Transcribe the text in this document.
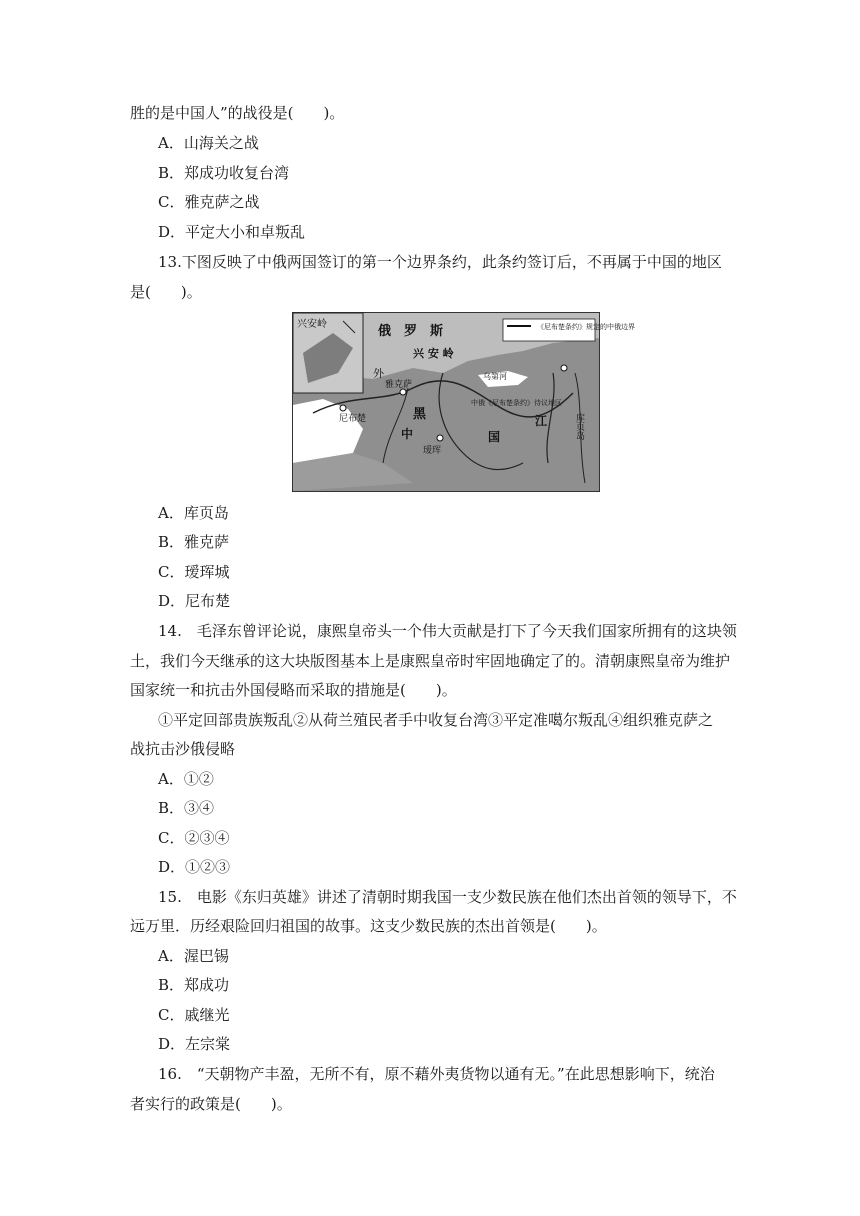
胜的是中国人”的战役是(　　)。
A．山海关之战
B．郑成功收复台湾
C．雅克萨之战
D．平定大小和卓叛乱
13.下图反映了中俄两国签订的第一个边界条约，此条约签订后，不再属于中国的地区
是(　　)。
兴安岭	俄　罗　斯
兴 安 岭
外
雅克萨
尼布楚	黑
中	国
瑷珲
江
乌第河
中俄《尼布楚条约》待议地区
《尼布楚条约》规定的中俄边界
库页岛
A．库页岛
B．雅克萨
C．瑷珲城
D．尼布楚
14.　毛泽东曾评论说，康熙皇帝头一个伟大贡献是打下了今天我们国家所拥有的这块领
土，我们今天继承的这大块版图基本上是康熙皇帝时牢固地确定了的。清朝康熙皇帝为维护
国家统一和抗击外国侵略而采取的措施是(　　)。
①平定回部贵族叛乱②从荷兰殖民者手中收复台湾③平定准噶尔叛乱④组织雅克萨之
战抗击沙俄侵略
A．①②
B．③④
C．②③④
D．①②③
15.　电影《东归英雄》讲述了清朝时期我国一支少数民族在他们杰出首领的领导下，不
远万里．历经艰险回归祖国的故事。这支少数民族的杰出首领是(　　)。
A．渥巴锡
B．郑成功
C．戚继光
D．左宗棠
16.　“天朝物产丰盈，无所不有，原不藉外夷货物以通有无。”在此思想影响下，统治
者实行的政策是(　　)。
